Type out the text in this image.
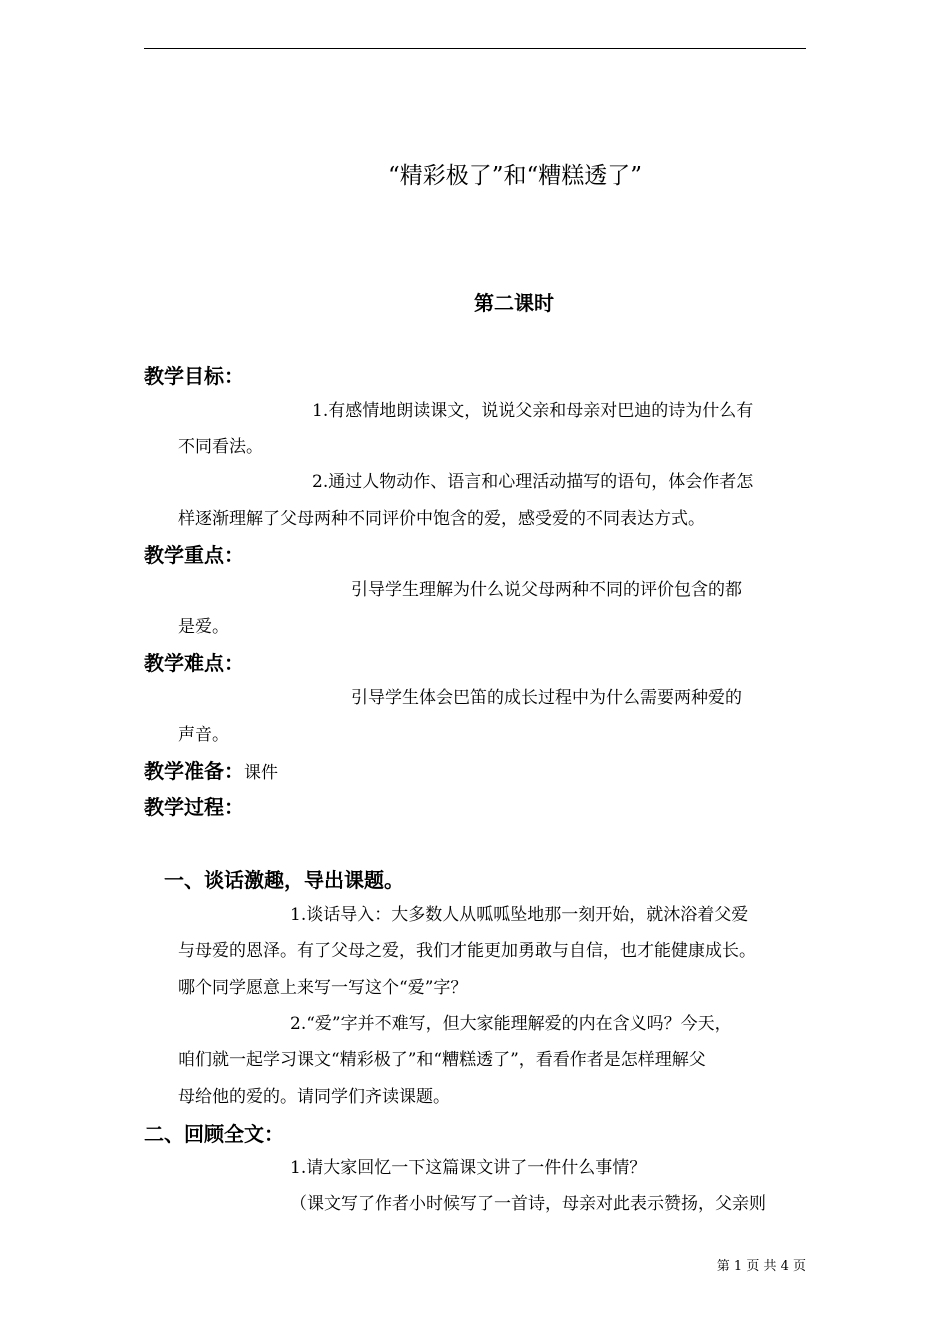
“精彩极了”和“糟糕透了”
第二课时
教学目标：
1.有感情地朗读课文，说说父亲和母亲对巴迪的诗为什么有
不同看法。
2.通过人物动作、语言和心理活动描写的语句，体会作者怎
样逐渐理解了父母两种不同评价中饱含的爱，感受爱的不同表达方式。
教学重点：
引导学生理解为什么说父母两种不同的评价包含的都
是爱。
教学难点：
引导学生体会巴笛的成长过程中为什么需要两种爱的
声音。
教学准备：课件
教学过程：
一、谈话激趣，导出课题。
1.谈话导入：大多数人从呱呱坠地那一刻开始，就沐浴着父爱
与母爱的恩泽。有了父母之爱，我们才能更加勇敢与自信，也才能健康成长。
哪个同学愿意上来写一写这个“爱”字？
2.“爱”字并不难写，但大家能理解爱的内在含义吗？今天，
咱们就一起学习课文“精彩极了”和“糟糕透了”，看看作者是怎样理解父
母给他的爱的。请同学们齐读课题。
二、回顾全文：
1.请大家回忆一下这篇课文讲了一件什么事情？
（课文写了作者小时候写了一首诗，母亲对此表示赞扬，父亲则
第 1 页 共 4 页
